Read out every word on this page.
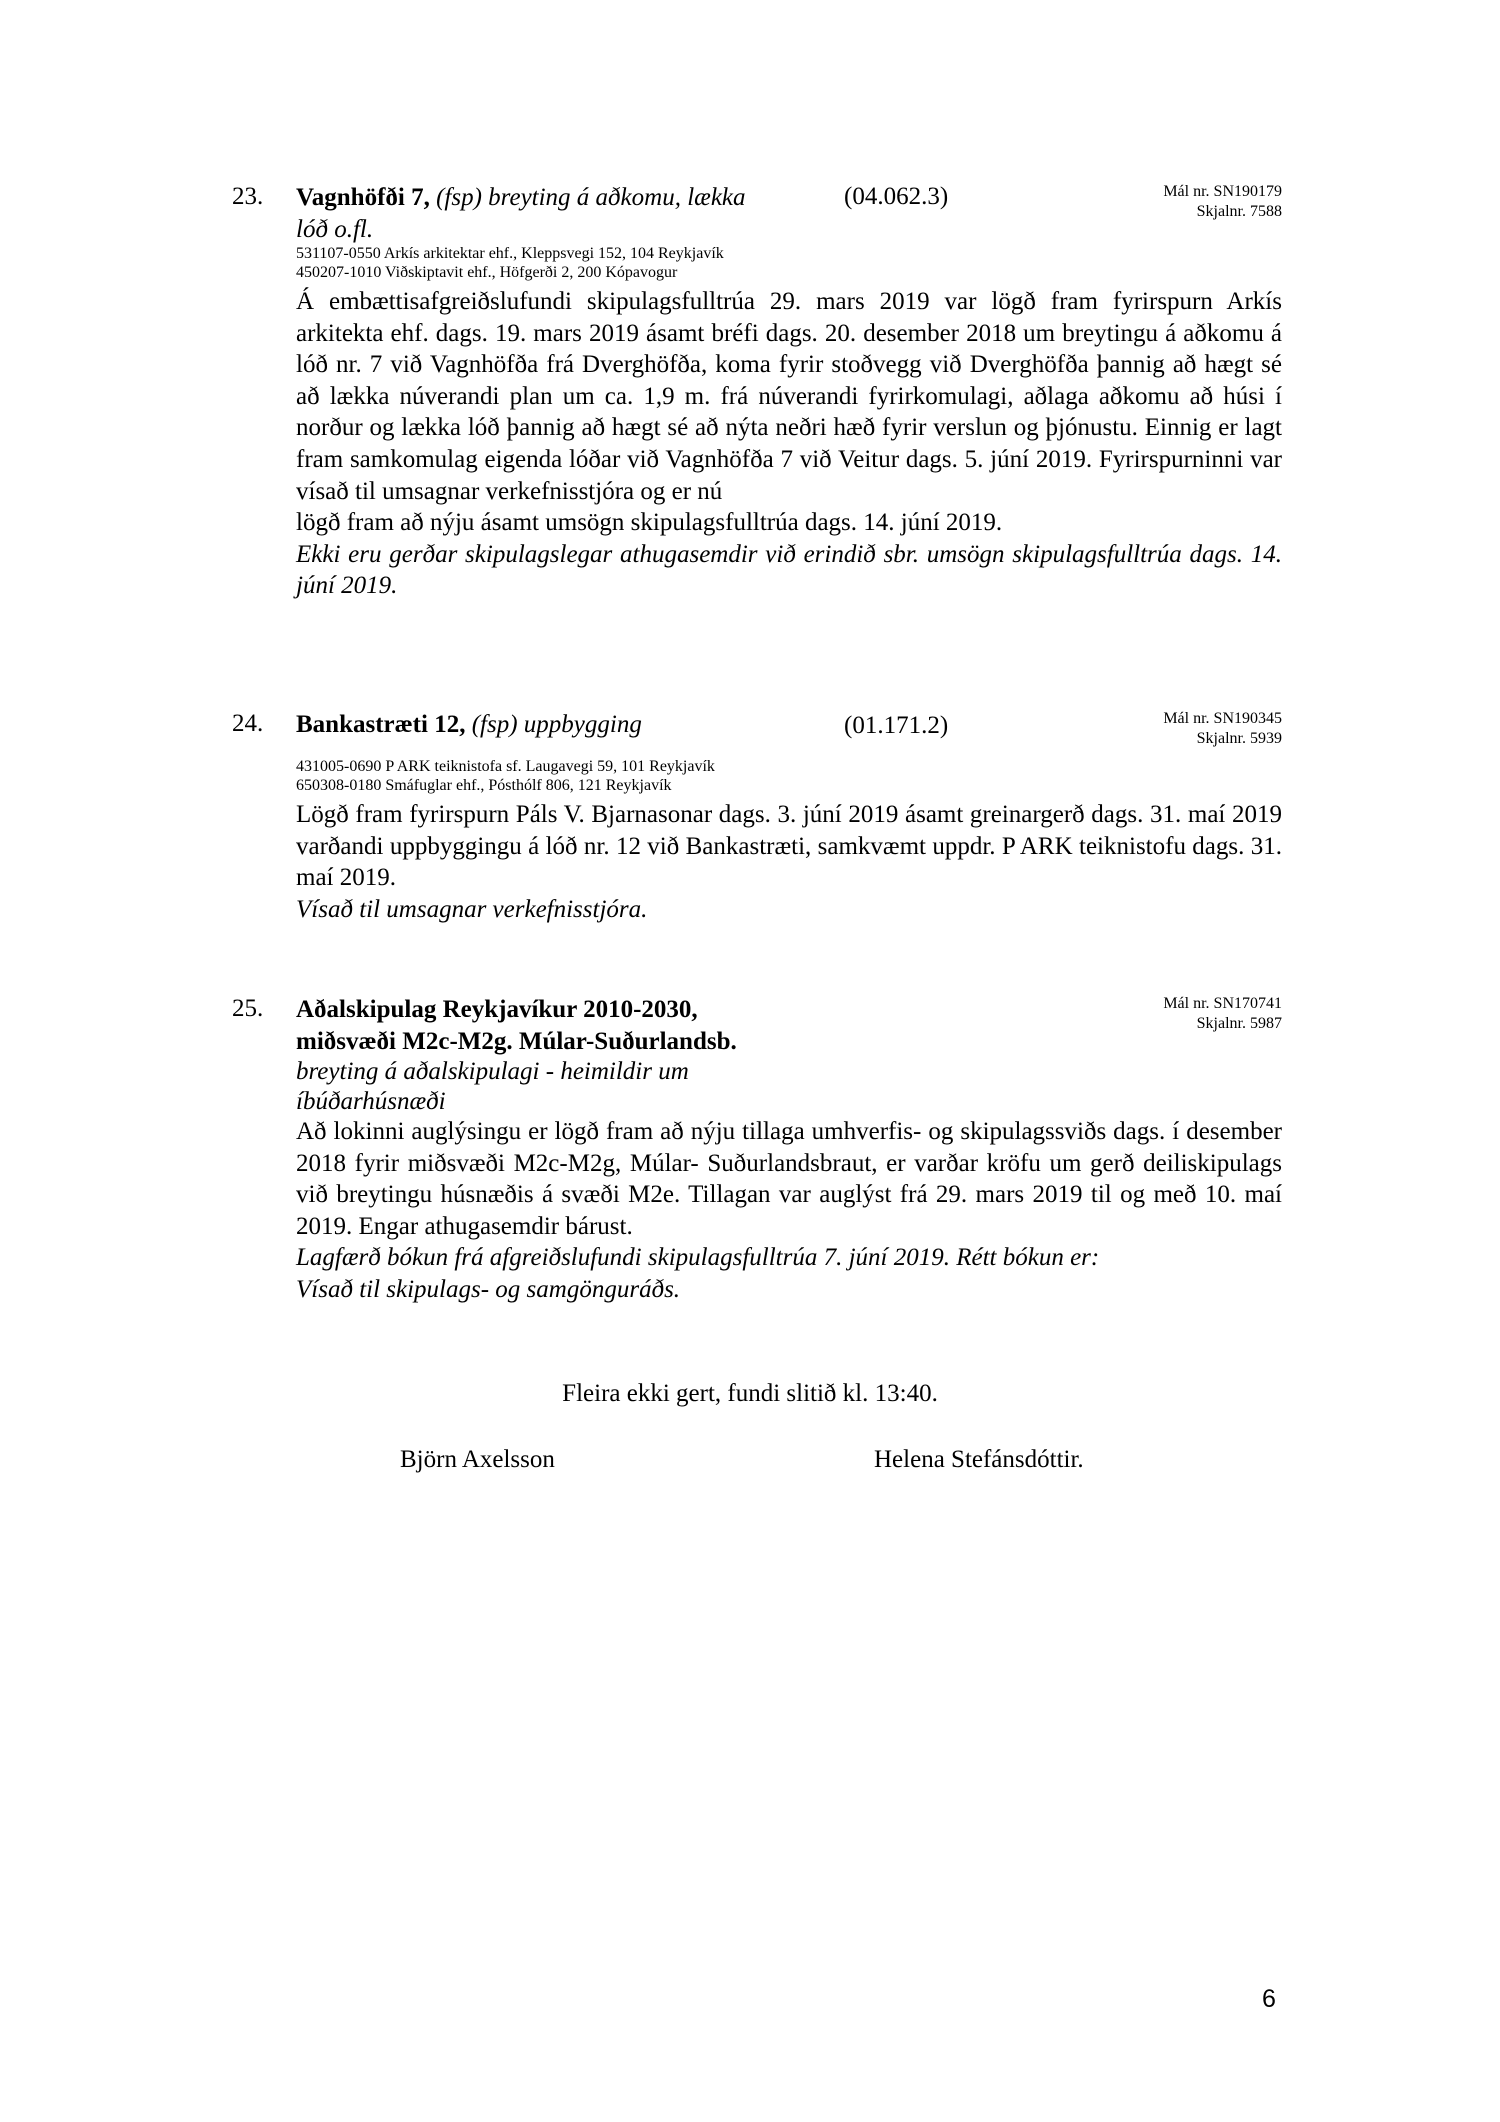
23. Vagnhöfði 7, (fsp) breyting á aðkomu, lækka
lóð o.fl.
(04.062.3)	Mál nr. SN190179
Skjalnr. 7588
531107-0550 Arkís arkitektar ehf., Kleppsvegi 152, 104 Reykjavík
450207-1010 Viðskiptavit ehf., Höfgerði 2, 200 Kópavogur

Á embættisafgreiðslufundi skipulagsfulltrúa 29. mars 2019 var lögð fram fyrirspurn Arkís arkitekta ehf. dags. 19. mars 2019 ásamt bréfi dags. 20. desember 2018 um breytingu á aðkomu á lóð nr. 7 við Vagnhöfða frá Dverghöfða, koma fyrir stoðvegg við Dverghöfða þannig að hægt sé að lækka núverandi plan um ca. 1,9 m. frá núverandi fyrirkomulagi, aðlaga aðkomu að húsi í norður og lækka lóð þannig að hægt sé að nýta neðri hæð fyrir verslun og þjónustu. Einnig er lagt fram samkomulag eigenda lóðar við Vagnhöfða 7 við Veitur dags. 5. júní 2019. Fyrirspurninni var vísað til umsagnar verkefnisstjóra og er nú

lögð fram að nýju ásamt umsögn skipulagsfulltrúa dags. 14. júní 2019.

Ekki eru gerðar skipulagslegar athugasemdir við erindið sbr. umsögn skipulagsfulltrúa dags. 14. júní 2019.

24. Bankastræti 12, (fsp) uppbygging	(01.171.2)	Mál nr. SN190345
Skjalnr. 5939
431005-0690 P ARK teiknistofa sf. Laugavegi 59, 101 Reykjavík
650308-0180 Smáfuglar ehf., Pósthólf 806, 121 Reykjavík

Lögð fram fyrirspurn Páls V. Bjarnasonar dags. 3. júní 2019 ásamt greinargerð dags. 31. maí 2019 varðandi uppbyggingu á lóð nr. 12 við Bankastræti, samkvæmt uppdr. P ARK teiknistofu dags. 31. maí 2019.

Vísað til umsagnar verkefnisstjóra.

25. Aðalskipulag Reykjavíkur 2010-2030,
miðsvæði M2c-M2g. Múlar-Suðurlandsb.
breyting á aðalskipulagi - heimildir um
íbúðarhúsnæði
Mál nr. SN170741
Skjalnr. 5987

Að lokinni auglýsingu er lögð fram að nýju tillaga umhverfis- og skipulagssviðs dags. í desember 2018 fyrir miðsvæði M2c-M2g, Múlar- Suðurlandsbraut, er varðar kröfu um gerð deiliskipulags við breytingu húsnæðis á svæði M2e. Tillagan var auglýst frá 29. mars 2019 til og með 10. maí 2019. Engar athugasemdir bárust.

Lagfærð bókun frá afgreiðslufundi skipulagsfulltrúa 7. júní 2019. Rétt bókun er:

Vísað til skipulags- og samgönguráðs.

Fleira ekki gert, fundi slitið kl. 13:40.
Björn Axelsson	Helena Stefánsdóttir.
6
